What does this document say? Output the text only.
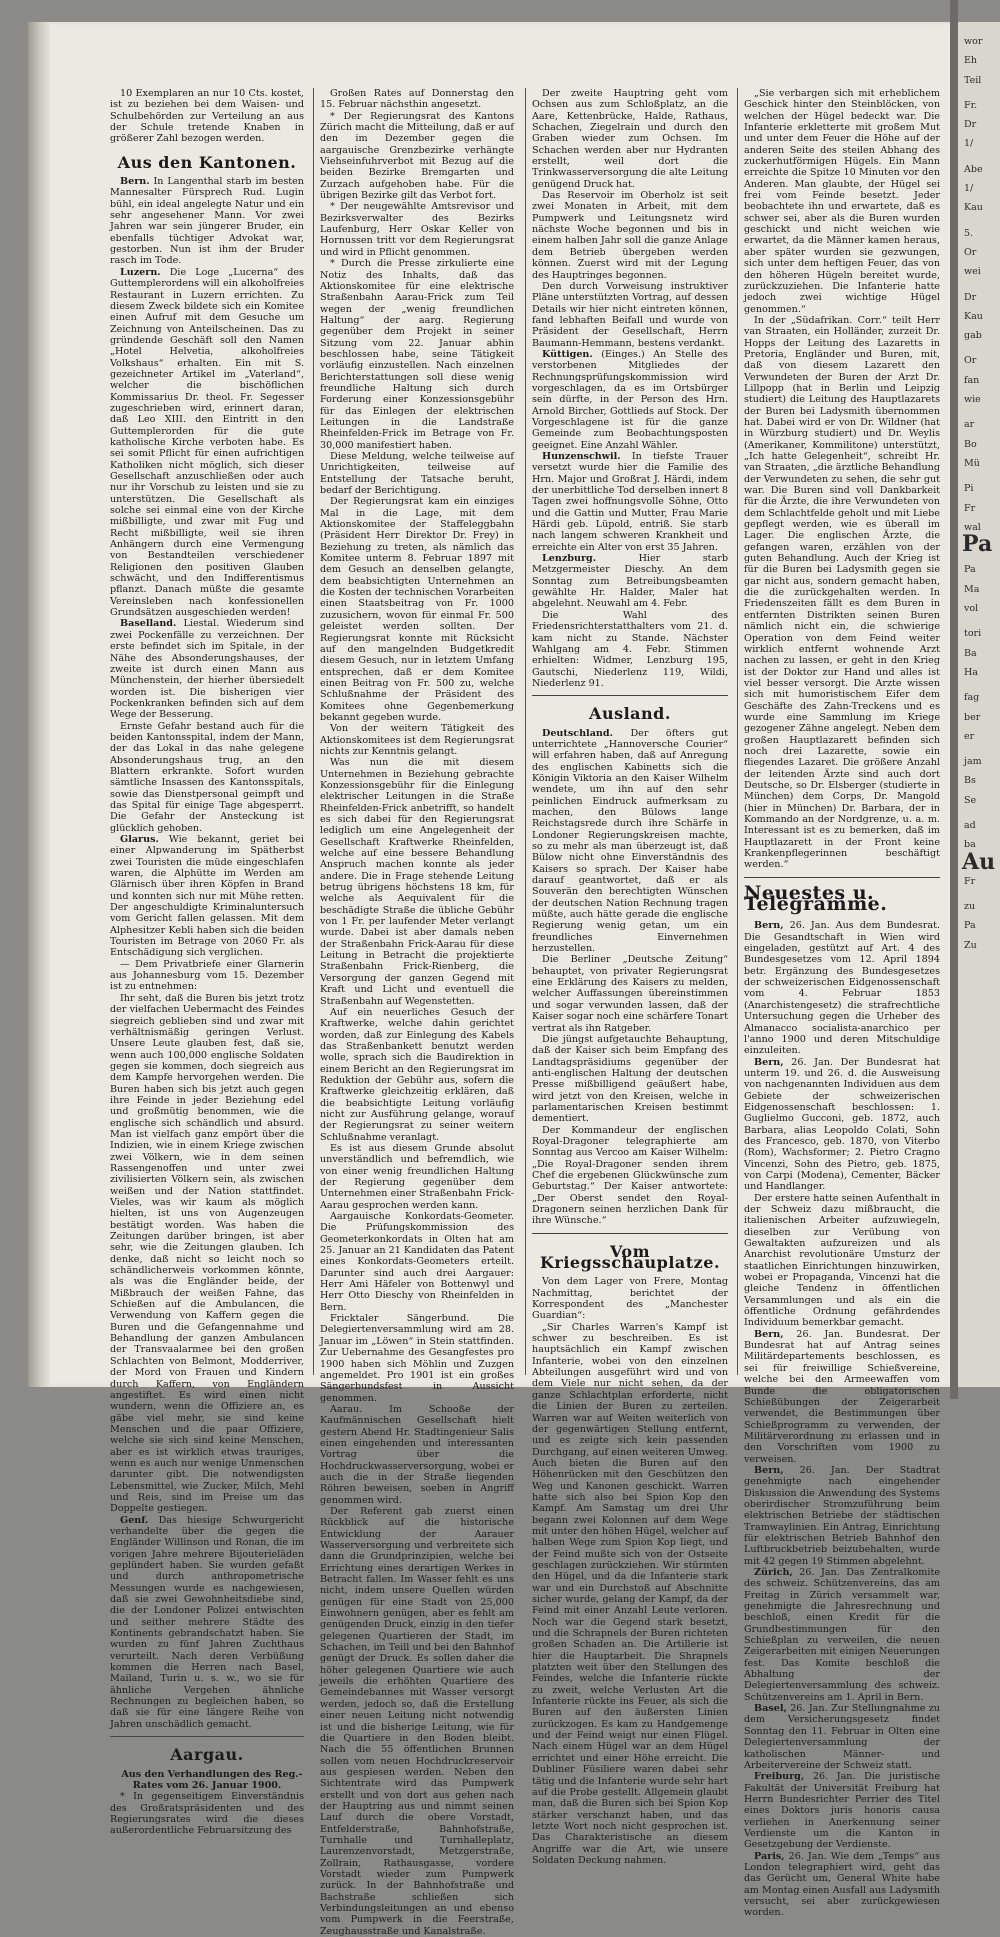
10 Exemplaren an nur 10 Cts. kostet, ist zu beziehen bei dem Waisen- und Schulbehörden zur Verteilung an aus der Schule tretende Knaben in größerer Zahl bezogen werden.

Aus den Kantonen.

Bern. In Langenthal starb im besten Mannesalter Fürsprech Rud. Lugin bühl, ein ideal angelegte Natur und ein sehr angesehener Mann. Vor zwei Jahren war sein jüngerer Bruder, ein ebenfalls tüchtiger Advokat war, gestorben. Nun ist ihm der Bruder rasch im Tode.

Luzern. Die Loge „Lucerna“ des Guttemplerordens will ein alkoholfreies Restaurant in Luzern errichten. Zu diesem Zweck bildete sich ein Komitee einen Aufruf mit dem Gesuche um Zeichnung von Anteilscheinen. Das zu gründende Geschäft soll den Namen „Hotel Helvetia, alkoholfreies Volkshaus“ erhalten. Ein mit S. gezeichneter Artikel im „Vaterland“, welcher die bischöflichen Kommissarius Dr. theol. Fr. Segesser zugeschrieben wird, erinnert daran, daß Leo XIII. den Eintritt in den Guttemplerorden für die gute katholische Kirche verboten habe. Es sei somit Pflicht für einen aufrichtigen Katholiken nicht möglich, sich dieser Gesellschaft anzuschließen oder auch nur ihr Vorschub zu leisten und sie zu unterstützen. Die Gesellschaft als solche sei einmal eine von der Kirche mißbilligte, und zwar mit Fug und Recht mißbilligte, weil sie ihren Anhängern durch eine Vermengung von Bestandteilen verschiedener Religionen den positiven Glauben schwächt, und den Indifferentismus pflanzt. Danach müßte die gesamte Vereinsleben nach konfessionellen Grundsätzen ausgeschieden werden!

Baselland. Liestal. Wiederum sind zwei Pockenfälle zu verzeichnen. Der erste befindet sich im Spitale, in der Nähe des Absonderungshauses, der zweite ist durch einen Mann aus Münchenstein, der hierher übersiedelt worden ist. Die bisherigen vier Pockenkranken befinden sich auf dem Wege der Besserung.

Ernste Gefahr bestand auch für die beiden Kantonsspital, indem der Mann, der das Lokal in das nahe gelegene Absonderungshaus trug, an den Blattern erkrankte. Sofort wurden sämtliche Insassen des Kantonsspitals, sowie das Dienstpersonal geimpft und das Spital für einige Tage abgesperrt. Die Gefahr der Ansteckung ist glücklich gehoben.

Glarus. Wie bekannt, geriet bei einer Alpwanderung im Spätherbst zwei Touristen die müde eingeschlafen waren, die Alphütte im Werden am Glärnisch über ihren Köpfen in Brand und konnten sich nur mit Mühe retten. Der angeschuldigte Kriminaluntersuch vom Gericht fallen gelassen. Mit dem Alphesitzer Kebli haben sich die beiden Touristen im Betrage von 2060 Fr. als Entschädigung sich verglichen.

— Dem Privatbriefe einer Glarnerin aus Johannesburg vom 15. Dezember ist zu entnehmen:

Ihr seht, daß die Buren bis jetzt trotz der vielfachen Uebermacht des Feindes siegreich geblieben sind und zwar mit verhältnismäßig geringen Verlust. Unsere Leute glauben fest, daß sie, wenn auch 100,000 englische Soldaten gegen sie kommen, doch siegreich aus dem Kampfe hervorgehen werden. Die Buren haben sich bis jetzt auch gegen ihre Feinde in jeder Beziehung edel und großmütig benommen, wie die englische sich schändlich und absurd. Man ist vielfach ganz empört über die Indizien, wie in einem Kriege zwischen zwei Völkern, wie in dem seinen Rassengenoffen und unter zwei zivilisierten Völkern sein, als zwischen weißen und der Nation stattfindet. Vieles, was wir kaum als möglich hielten, ist uns von Augenzeugen bestätigt worden. Was haben die Zeitungen darüber bringen, ist aber sehr, wie die Zeitungen glauben. Ich denke, daß nicht so leicht noch so schändlicherweis vorkommen könnte, als was die Engländer beide, der Mißbrauch der weißen Fahne, das Schießen auf die Ambulancen, die Verwendung von Kaffern gegen die Buren und die Gefangennahme und Behandlung der ganzen Ambulancen der Transvaalarmee bei den großen Schlachten von Belmont, Modderriver, der Mord von Frauen und Kindern durch Kaffern, von Engländern angestiftet. Es wird einen nicht wundern, wenn die Offiziere an, es gäbe viel mehr, sie sind keine Menschen und die paar Offiziere, welche sie sich sind keine Menschen, aber es ist wirklich etwas trauriges, wenn es auch nur wenige Unmenschen darunter gibt. Die notwendigsten Lebensmittel, wie Zucker, Milch, Mehl und Reis, sind im Preise um das Doppelte gestiegen.

Genf. Das hiesige Schwurgericht verhandelte über die gegen die Engländer Willinson und Ronan, die im vorigen Jahre mehrere Bijouterieläden geplündert haben. Sie wurden gefaßt und durch anthropometrische Messungen wurde es nachgewiesen, daß sie zwei Gewohnheitsdiebe sind, die der Londoner Polizei entwischten und seither mehrere Städte des Kontinents gebrandschatzt haben. Sie wurden zu fünf Jahren Zuchthaus verurteilt. Nach deren Verbüßung kommen die Herren nach Basel, Mailand, Turin u. s. w., wo sie für ähnliche Vergehen ähnliche Rechnungen zu begleichen haben, so daß sie für eine längere Reihe von Jahren unschädlich gemacht.

Aargau.

Aus den Verhandlungen des Reg.-Rates vom 26. Januar 1900.

* In gegenseitigem Einverständnis des Großratspräsidenten und des Regierungsrates wird die dieses außerordentliche Februarsitzung des

Großen Rates auf Donnerstag den 15. Februar nächsthin angesetzt.

* Der Regierungsrat des Kantons Zürich macht die Mitteilung, daß er auf den im Dezember gegen die aargauische Grenzbezirke verhängte Viehseinfuhrverbot mit Bezug auf die beiden Bezirke Bremgarten und Zurzach aufgehoben habe. Für die übrigen Bezirke gilt das Verbot fort.

* Der neugewählte Amtsrevisor und Bezirksverwalter des Bezirks Laufenburg, Herr Oskar Keller von Hornussen tritt vor dem Regierungsrat und wird in Pflicht genommen.

* Durch die Presse zirkulierte eine Notiz des Inhalts, daß das Aktionskomitee für eine elektrische Straßenbahn Aarau-Frick zum Teil wegen der „wenig freundlichen Haltung“ der aarg. Regierung gegenüber dem Projekt in seiner Sitzung vom 22. Januar abhin beschlossen habe, seine Tätigkeit vorläufig einzustellen. Nach einzelnen Berichterstattungen soll diese wenig freundliche Haltung sich durch Forderung einer Konzessionsgebühr für das Einlegen der elektrischen Leitungen in die Landstraße Rheinfelden-Frick im Betrage von Fr. 30,000 manifestiert haben.

Diese Meldung, welche teilweise auf Unrichtigkeiten, teilweise auf Entstellung der Tatsache beruht, bedarf der Berichtigung.

Der Regierungsrat kam ein einziges Mal in die Lage, mit dem Aktionskomitee der Staffeleggbahn (Präsident Herr Direktor Dr. Frey) in Beziehung zu treten, als nämlich das Komitee unterm 8. Februar 1897 mit dem Gesuch an denselben gelangte, dem beabsichtigten Unternehmen an die Kosten der technischen Vorarbeiten einen Staatsbeitrag von Fr. 1000 zuzusichern, wovon für einmal Fr. 500 geleistet werden sollten. Der Regierungsrat konnte mit Rücksicht auf den mangelnden Budgetkredit diesem Gesuch, nur in letztem Umfang entsprechen, daß er dem Komitee einen Beitrag von Fr. 500 zu, welche Schlußnahme der Präsident des Komitees ohne Gegenbemerkung bekannt gegeben wurde.

Von der weitern Tätigkeit des Aktionskomitees ist dem Regierungsrat nichts zur Kenntnis gelangt.

Was nun die mit diesem Unternehmen in Beziehung gebrachte Konzessionsgebühr für die Einlegung elektrischer Leitungen in die Straße Rheinfelden-Frick anbetrifft, so handelt es sich dabei für den Regierungsrat lediglich um eine Angelegenheit der Gesellschaft Kraftwerke Rheinfelden, welche auf eine bessere Behandlung Anspruch machen konnte als jeder andere. Die in Frage stehende Leitung betrug übrigens höchstens 18 km, für welche als Aequivalent für die beschädigte Straße die übliche Gebühr von 1 Fr. per laufender Meter verlangt wurde. Dabei ist aber damals neben der Straßenbahn Frick-Aarau für diese Leitung in Betracht die projektierte Straßenbahn Frick-Rienberg, die Versorgung der ganzen Gegend mit Kraft und Licht und eventuell die Straßenbahn auf Wegenstetten.

Auf ein neuerliches Gesuch der Kraftwerke, welche dahin gerichtet worden, daß zur Einlegung des Kabels das Straßenbankett benutzt werden wolle, sprach sich die Baudirektion in einem Bericht an den Regierungsrat im Reduktion der Gebühr aus, sofern die Kraftwerke gleichzeitig erklären, daß die beabsichtigte Leitung vorläufig nicht zur Ausführung gelange, worauf der Regierungsrat zu seiner weitern Schlußnahme veranlagt.

Es ist aus diesem Grunde absolut unverständlich und befremdlich, wie von einer wenig freundlichen Haltung der Regierung gegenüber dem Unternehmen einer Straßenbahn Frick-Aarau gesprochen werden kann.

Aargauische Konkordats-Geometer. Die Prüfungskommission des Geometerkonkordats in Olten hat am 25. Januar an 21 Kandidaten das Patent eines Konkordats-Geometers erteilt. Darunter sind auch drei Aargauer: Herr Ami Häfeler von Bottenwyl und Herr Otto Dieschy von Rheinfelden in Bern.

Fricktaler Sängerbund. Die Delegiertenversammlung wird am 28. Januar im „Löwen“ in Stein stattfinden. Zur Uebernahme des Gesangfestes pro 1900 haben sich Möhlin und Zuzgen angemeldet. Pro 1901 ist ein großes Sängerbundsfest in Aussicht genommen.

Aarau. Im Schooße der Kaufmännischen Gesellschaft hielt gestern Abend Hr. Stadtingenieur Salis einen eingehenden und interessanten Vortrag über die Hochdruckwasserversorgung, wobei er auch die in der Straße liegenden Röhren beweisen, soeben in Angriff genommen wird.

Der Referent gab zuerst einen Rückblick auf die historische Entwicklung der Aarauer Wasserversorgung und verbreitete sich dann die Grundprinzipien, welche bei Errichtung eines derartigen Werkes in Betracht fallen. Im Wasser fehlt es uns nicht, indem unsere Quellen würden genügen für eine Stadt von 25,000 Einwohnern genügen, aber es fehlt am genügenden Druck, einzig in den tiefer gelegenen Quartieren der Stadt, im Schachen, im Teill und bei den Bahnhof genügt der Druck. Es sollen daher die höher gelegenen Quartiere wie auch jeweils die erhöhten Quartiere des Gemeindebannes mit Wasser versorgt werden, jedoch so, daß die Erstellung einer neuen Leitung nicht notwendig ist und die bisherige Leitung, wie für die Quartiere in den Boden bleibt. Nach die 55 öffentlichen Brunnen sollen vom neuen Hochdruckreservoir aus gespiesen werden. Neben den Sichtentrate wird das Pumpwerk erstellt und von dort aus gehen nach der Hauptring aus und nimmt seinen Lauf durch die obere Vorstadt, Entfelderstraße, Bahnhofstraße, Turnhalle und Turnhalleplatz, Laurenzenvorstadt, Metzgerstraße, Zollrain, Rathausgasse, vordere Vorstadt wieder zum Pumpwerk zurück. In der Bahnhofstraße und Bachstraße schließen sich Verbindungsleitungen an und ebenso vom Pumpwerk in die Feerstraße, Zeughausstraße und Kanalstraße.

Der zweite Hauptring geht vom Ochsen aus zum Schloßplatz, an die Aare, Kettenbrücke, Halde, Rathaus, Schachen, Ziegelrain und durch den Graben wieder zum Ochsen. Im Schachen werden aber nur Hydranten erstellt, weil dort die Trinkwasserversorgung die alte Leitung genügend Druck hat.

Das Reservoir im Oberholz ist seit zwei Monaten in Arbeit, mit dem Pumpwerk und Leitungsnetz wird nächste Woche begonnen und bis in einem halben Jahr soll die ganze Anlage dem Betrieb übergeben werden können. Zuerst wird mit der Legung des Hauptringes begonnen.

Den durch Vorweisung instruktiver Pläne unterstützten Vortrag, auf dessen Details wir hier nicht eintreten können, fand lebhaften Beifall und wurde von Präsident der Gesellschaft, Herrn Baumann-Hemmann, bestens verdankt.

Küttigen. (Einges.) An Stelle des verstorbenen Mitgliedes der Rechnungsprüfungskommission wird vorgeschlagen, da es im Ortsbürger sein dürfte, in der Person des Hrn. Arnold Bircher, Gottlieds auf Stock. Der Vorgeschlagene ist für die ganze Gemeinde zum Beobachtungsposten geeignet. Eine Anzahl Wähler.

Hunzenschwil. In tiefste Trauer versetzt wurde hier die Familie des Hrn. Major und Großrat J. Härdi, indem der unerbittliche Tod derselben innert 8 Tagen zwei hoffnungsvolle Söhne, Otto und die Gattin und Mutter, Frau Marie Härdi geb. Lüpold, entriß. Sie starb nach langem schweren Krankheit und erreichte ein Alter von erst 35 Jahren.

Lenzburg.	Hier starb Metzgermeister Dieschy. An dem Sonntag zum Betreibungsbeamten gewählte Hr. Halder, Maler hat abgelehnt. Neuwahl am 4. Febr.

Die Wahl des Friedensrichterstatthalters vom 21. d. kam nicht zu Stande. Nächster Wahlgang am 4. Febr. Stimmen erhielten: Widmer, Lenzburg 195, Gautschi, Niederlenz 119, Wildi, Niederlenz 91.

Ausland.

Deutschland. Der öfters gut unterrichtete „Hannoversche Courier“ will erfahren haben, daß auf Anregung des englischen Kabinetts sich die Königin Viktoria an den Kaiser Wilhelm wendete, um ihn auf den sehr peinlichen Eindruck aufmerksam zu machen, den Bülows lange Reichstagsrede durch ihre Schärfe in Londoner Regierungskreisen machte, so zu mehr als man überzeugt ist, daß Bülow nicht ohne Einverständnis des Kaisers so sprach. Der Kaiser habe darauf geantwortet, daß er als Souverän den berechtigten Wünschen der deutschen Nation Rechnung tragen müßte, auch hätte gerade die englische Regierung wenig getan, um ein freundliches Einvernehmen herzustellen.

Die Berliner „Deutsche Zeitung“ behauptet, von privater Regierungsrat eine Erklärung des Kaisers zu melden, welcher Auffassungen übereinstimmen und sogar verwunden lassen, daß der Kaiser sogar noch eine schärfere Tonart vertrat als ihn Ratgeber.

Die jüngst aufgetauchte Behauptung, daß der Kaiser sich beim Empfang des Landtagspräsidiums gegenüber der anti-englischen Haltung der deutschen Presse mißbilligend geäußert habe, wird jetzt von den Kreisen, welche in parlamentarischen Kreisen bestimmt dementiert.

Der Kommandeur der englischen Royal-Dragoner telegraphierte am Sonntag aus Vercoo am Kaiser Wilhelm: „Die Royal-Dragoner senden ihrem Chef die ergebenen Glückwünsche zum Geburtstag.“ Der Kaiser antwortete: „Der Oberst sendet den Royal-Dragonern seinen herzlichen Dank für ihre Wünsche.“

Vom Kriegsschauplatze.

Von dem Lager von Frere, Montag Nachmittag, berichtet der Korrespondent des „Manchester Guardian“:

„Sir Charles Warren's Kampf ist schwer zu beschreiben. Es ist hauptsächlich ein Kampf zwischen Infanterie, wobei von den einzelnen Abteilungen ausgeführt wird und von dem Viele nur nicht sehen, da der ganze Schlachtplan erforderte, nicht die Linien der Buren zu zerteilen. Warren war auf Weiten weiterlich von der gegenwärtigen Stellung entfernt, und es zeigte sich kein passenden Durchgang, auf einen weiteren Umweg. Auch bieten die Buren auf den Höhenrücken mit den Geschützen den Weg und Kanonen geschickt. Warren hatte sich also bei Spion Kop den Kampf. Am Samstag um drei Uhr begann zwei Kolonnen auf dem Wege mit unter den höhen Hügel, welcher auf halben Wege zum Spion Kop liegt, und der Feind mußte sich von der Ostseite geschlagen zurückziehen. Wir stürmten den Hügel, und da die Infanterie stark war und ein Durchstoß auf Abschnitte sicher wurde, gelang der Kampf, da der Feind mit einer Anzahl Leute verloren. Noch war die Gegend stark besetzt, und die Schrapnels der Buren richteten großen Schaden an. Die Artillerie ist hier die Hauptarbeit. Die Shrapnels platzten weit über den Stellungen des Feindes, welche die Infanterie rückte zu zweit, welche Verlusten Art die Infanterie rückte ins Feuer, als sich die Buren auf den äußersten Linien zurückzogen. Es kam zu Handgemenge und der Feind weigt nur einen Flügel. Nach einem Hügel war an dem Hügel errichtet und einer Höhe erreicht. Die Dubliner Füsiliere waren dabei sehr tätig und die Infanterie wurde sehr hart auf die Probe gestellt. Allgemein glaubt man, daß die Buren sich bei Spion Kop stärker verschanzt haben, und das letzte Wort noch nicht gesprochen ist. Das Charakteristische an diesem Angriffe war die Art, wie unsere Soldaten Deckung nahmen.

„Sie verbargen sich mit erheblichem Geschick hinter den Steinblöcken, von welchen der Hügel bedeckt war. Die Infanterie erkletterte mit großem Mut und unter dem Feuer die Höhe auf der anderen Seite des steilen Abhang des zuckerhutförmigen Hügels. Ein Mann erreichte die Spitze 10 Minuten vor den Anderen. Man glaubte, der Hügel sei frei vom Feinde besetzt. Jeder beobachtete ihn und erwartete, daß es schwer sei, aber als die Buren wurden geschickt und nicht weichen wie erwartet, da die Männer kamen heraus, aber später wurden sie gezwungen, sich unter dem heftigen Feuer, das von den höheren Hügeln bereitet wurde, zurückzuziehen. Die Infanterie hatte jedoch zwei wichtige Hügel genommen.“

In der „Südafrikan. Corr.“ teilt Herr van Straaten, ein Holländer, zurzeit Dr. Hopps der Leitung des Lazaretts in Pretoria, Engländer und Buren, mit, daß von diesem Lazarett den Verwundeten der Buren der Arzt Dr. Lillpopp (hat in Berlin und Leipzig studiert) die Leitung des Hauptlazarets der Buren bei Ladysmith übernommen hat. Dabei wird er von Dr. Wildner (hat in Würzburg studiert) und Dr. Weylis (Amerikaner, Kommilitone) unterstützt, „Ich hatte Gelegenheit“, schreibt Hr. van Straaten, „die ärztliche Behandlung der Verwundeten zu sehen, die sehr gut war. Die Buren sind voll Dankbarkeit für die Ärzte, die ihre Verwundeten von dem Schlachtfelde geholt und mit Liebe gepflegt werden, wie es überall im Lager. Die englischen Ärzte, die gefangen waren, erzählen von der guten Behandlung. Auch der Krieg ist für die Buren bei Ladysmith gegen sie gar nicht aus, sondern gemacht haben, die die zurückgehalten werden. In Friedenszeiten fällt es dem Buren in entfernten Distrikten seinen Buren nämlich nicht ein, die schwierige Operation von dem Feind weiter wirklich entfernt wohnende Arzt nachen zu lassen, er geht in den Krieg ist der Doktor zur Hand und alles ist viel besser versorgt. Die Arzte wissen sich mit humoristischem Eifer dem Geschäfte des Zahn-Treckens und es wurde eine Sammlung im Kriege gezogener Zähne angelegt. Neben dem großen Hauptlazarett befinden sich noch drei Lazarette, sowie ein fliegendes Lazaret. Die größere Anzahl der leitenden Ärzte sind auch dort Deutsche, so Dr. Elsberger (studierte in München) dem Corps, Dr. Mangold (hier in München) Dr. Barbara, der in Kommando an der Nordgrenze, u. a. m. Interessant ist es zu bemerken, daß im Hauptlazarett in der Front keine Krankenpflegerinnen beschäftigt werden.“

Neuestes u. Telegramme.

Bern, 26. Jan. Aus dem Bundesrat. Die Gesandtschaft in Wien wird eingeladen, gestützt auf Art. 4 des Bundesgesetzes vom 12. April 1894 betr. Ergänzung des Bundesgesetzes der schweizerischen Eidgenossenschaft vom 4. Februar 1853 (Anarchistengesetz) die strafrechtliche Untersuchung gegen die Urheber des Almanacco socialista-anarchico per l'anno 1900 und deren Mitschuldige einzuleiten.

Bern, 26. Jan. Der Bundesrat hat unterm 19. und 26. d. die Ausweisung von nachgenannten Individuen aus dem Gebiete der schweizerischen Eidgenossenschaft beschlossen: 1. Guglielmo Gucconi, geb. 1872, auch Barbara, alias Leopoldo Colati, Sohn des Francesco, geb. 1870, von Viterbo (Rom), Wachsformer; 2. Pietro Cragno Vincenzi, Sohn des Pietro, geb. 1875, von Carpi (Modena), Cementer, Bäcker und Handlanger.

Der erstere hatte seinen Aufenthalt in der Schweiz dazu mißbraucht, die italienischen Arbeiter aufzuwiegeln, dieselben zur Verübung von Gewaltakten aufzureizen und als Anarchist revolutionäre Umsturz der staatlichen Einrichtungen hinzuwirken, wobei er Propaganda, Vincenzi hat die gleiche Tendenz in öffentlichen Versammlungen und als ein die öffentliche Ordnung gefährdendes Individuum bemerkbar gemacht.

Bern, 26. Jan. Bundesrat. Der Bundesrat hat auf Antrag seines Militärdepartements beschlossen, es sei für freiwillige Schießvereine, welche bei den Armeewaffen vom Bunde die obligatorischen Schießübungen der Zeigerarbeit verwendet, die Bestimmungen über Schießprogramm zu verwenden, der Militärverordnung zu erlassen und in den Vorschriften vom 1900 zu verweisen.

Bern, 26. Jan. Der Stadtrat genehmigte nach eingehender Diskussion die Anwendung des Systems oberirdischer Stromzuführung beim elektrischen Betriebe der städtischen Tramwaylinien. Ein Antrag, Einrichtung für elektrischen Betrieb Bahnhof den Luftbruckbetrieb beizubehalten, wurde mit 42 gegen 19 Stimmen abgelehnt.

Zürich, 26. Jan. Das Zentralkomite des schweiz. Schützenvereins, das am Freitag in Zürich versammelt war, genehmigte die Jahresrechnung und beschloß, einen Kredit für die Grundbestimmungen für den Schießplan zu verweilen, die neuen Zeigerarbeiten mit einigen Neuerungen fest. Das Komite beschloß die Abhaltung der Delegiertenversammlung des schweiz. Schützenvereins am 1. April in Bern.

Basel, 26. Jan. Zur Stellungnahme zu dem Versicherungsgesetz findet Sonntag den 11. Februar in Olten eine Delegiertenversammlung der katholischen Männer- und Arbeitervereine der Schweiz statt.

Freiburg, 26. Jan. Die juristische Fakultät der Universität Freiburg hat Herrn Bundesrichter Perrier des Titel eines Doktors juris honoris causa verliehen in Anerkennung seiner Verdienste um die Kanton in Gesetzgebung der Verdienste.

Paris, 26. Jan. Wie dem „Temps“ aus London telegraphiert wird, geht das das Gerücht um, General White habe am Montag einen Ausfall aus Ladysmith versucht, sei aber zurückgewiesen worden.

wor
Eh
Teil
Fr.
Dr
1/
Abe
1/
Kau
5.
Or
wei
Dr
Kau
gab
Or
fan
wie
ar
Bo
Mü
Pi
Fr
wal
Pa
Pa
Ma
vol
tori
Ba
Ha
fag
ber
er
jam
Bs
Se
ad
ba
Au
Fr
zu
Pa
Zu
